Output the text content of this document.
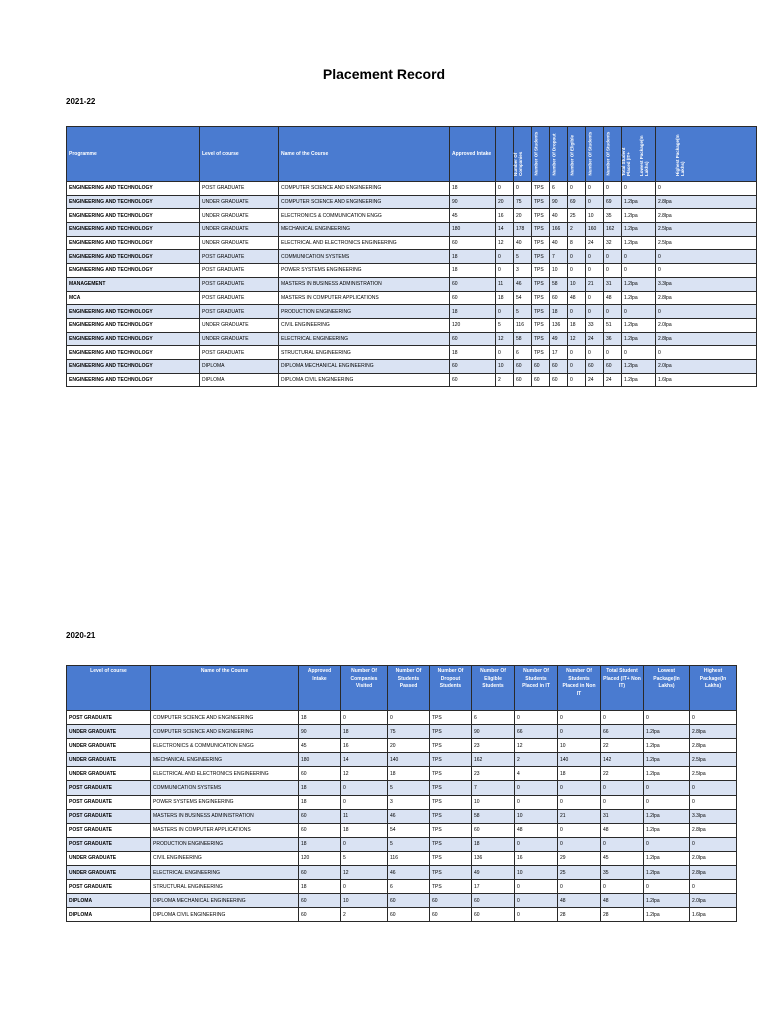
Placement Record
2021-22
Programme	Level of course	Name of the Course	Approved Intake	Number Of Companies	Number Of Students	Number Of Dropout	Number Of Eligible	Number Of Students	Number Of Students	Total Student Placed (IT+	Lowest Package(In Lakhs)	Highest Package(In Lakhs)
ENGINEERING AND TECHNOLOGY	POST GRADUATE	COMPUTER SCIENCE AND ENGINEERING	18	0	0	TPS	6	0	0	0	0	0
ENGINEERING AND TECHNOLOGY	UNDER GRADUATE	COMPUTER SCIENCE AND ENGINEERING	90	20	75	TPS	90	69	0	69	1.2lpa	2.8lpa
ENGINEERING AND TECHNOLOGY	UNDER GRADUATE	ELECTRONICS & COMMUNICATION ENGG	45	16	20	TPS	40	25	10	35	1.2lpa	2.8lpa
ENGINEERING AND TECHNOLOGY	UNDER GRADUATE	MECHANICAL ENGINEERING	180	14	178	TPS	166	2	160	162	1.2lpa	2.5lpa
ENGINEERING AND TECHNOLOGY	UNDER GRADUATE	ELECTRICAL AND ELECTRONICS ENGINEERING	60	12	40	TPS	40	8	24	32	1.2lpa	2.5lpa
ENGINEERING AND TECHNOLOGY	POST GRADUATE	COMMUNICATION SYSTEMS	18	0	5	TPS	7	0	0	0	0	0
ENGINEERING AND TECHNOLOGY	POST GRADUATE	POWER SYSTEMS ENGINEERING	18	0	3	TPS	10	0	0	0	0	0
MANAGEMENT	POST GRADUATE	MASTERS IN BUSINESS ADMINISTRATION	60	11	46	TPS	58	10	21	31	1.2lpa	3.3lpa
MCA	POST GRADUATE	MASTERS IN COMPUTER APPLICATIONS	60	18	54	TPS	60	48	0	48	1.2lpa	2.8lpa
ENGINEERING AND TECHNOLOGY	POST GRADUATE	PRODUCTION ENGINEERING	18	0	5	TPS	18	0	0	0	0	0
ENGINEERING AND TECHNOLOGY	UNDER GRADUATE	CIVIL ENGINEERING	120	5	116	TPS	136	18	33	51	1.2lpa	2.0lpa
ENGINEERING AND TECHNOLOGY	UNDER GRADUATE	ELECTRICAL ENGINEERING	60	12	58	TPS	49	12	24	36	1.2lpa	2.8lpa
ENGINEERING AND TECHNOLOGY	POST GRADUATE	STRUCTURAL ENGINEERING	18	0	6	TPS	17	0	0	0	0	0
ENGINEERING AND TECHNOLOGY	DIPLOMA	DIPLOMA MECHANICAL ENGINEERING	60	10	60	60	60	0	60	60	1.2lpa	2.0lpa
ENGINEERING AND TECHNOLOGY	DIPLOMA	DIPLOMA CIVIL ENGINEERING	60	2	60	60	60	0	24	24	1.2lpa	1.6lpa
2020-21
Level of course	Name of the Course	Approved Intake	Number Of Companies Visited	Number Of Students Passed	Number Of Dropout Students	Number Of Eligible Students	Number Of Students Placed in IT	Number Of Students Placed in Non IT	Total Student Placed (IT+ Non IT)	Lowest Package(In Lakhs)	Highest Package(In Lakhs)
POST GRADUATE	COMPUTER SCIENCE AND ENGINEERING	18	0	0	TPS	6	0	0	0	0	0
UNDER GRADUATE	COMPUTER SCIENCE AND ENGINEERING	90	18	75	TPS	90	66	0	66	1.2lpa	2.8lpa
UNDER GRADUATE	ELECTRONICS & COMMUNICATION ENGG	45	16	20	TPS	23	12	10	22	1.2lpa	2.8lpa
UNDER GRADUATE	MECHANICAL ENGINEERING	180	14	140	TPS	162	2	140	142	1.2lpa	2.5lpa
UNDER GRADUATE	ELECTRICAL AND ELECTRONICS ENGINEERING	60	12	18	TPS	23	4	18	22	1.2lpa	2.5lpa
POST GRADUATE	COMMUNICATION SYSTEMS	18	0	5	TPS	7	0	0	0	0	0
POST GRADUATE	POWER SYSTEMS ENGINEERING	18	0	3	TPS	10	0	0	0	0	0
POST GRADUATE	MASTERS IN BUSINESS ADMINISTRATION	60	11	46	TPS	58	10	21	31	1.2lpa	3.3lpa
POST GRADUATE	MASTERS IN COMPUTER APPLICATIONS	60	18	54	TPS	60	48	0	48	1.2lpa	2.8lpa
POST GRADUATE	PRODUCTION ENGINEERING	18	0	5	TPS	18	0	0	0	0	0
UNDER GRADUATE	CIVIL ENGINEERING	120	5	116	TPS	136	16	29	45	1.2lpa	2.0lpa
UNDER GRADUATE	ELECTRICAL ENGINEERING	60	12	46	TPS	49	10	25	35	1.2lpa	2.8lpa
POST GRADUATE	STRUCTURAL ENGINEERING	18	0	6	TPS	17	0	0	0	0	0
DIPLOMA	DIPLOMA MECHANICAL ENGINEERING	60	10	60	60	60	0	48	48	1.2lpa	2.0lpa
DIPLOMA	DIPLOMA CIVIL ENGINEERING	60	2	60	60	60	0	28	28	1.2lpa	1.6lpa
